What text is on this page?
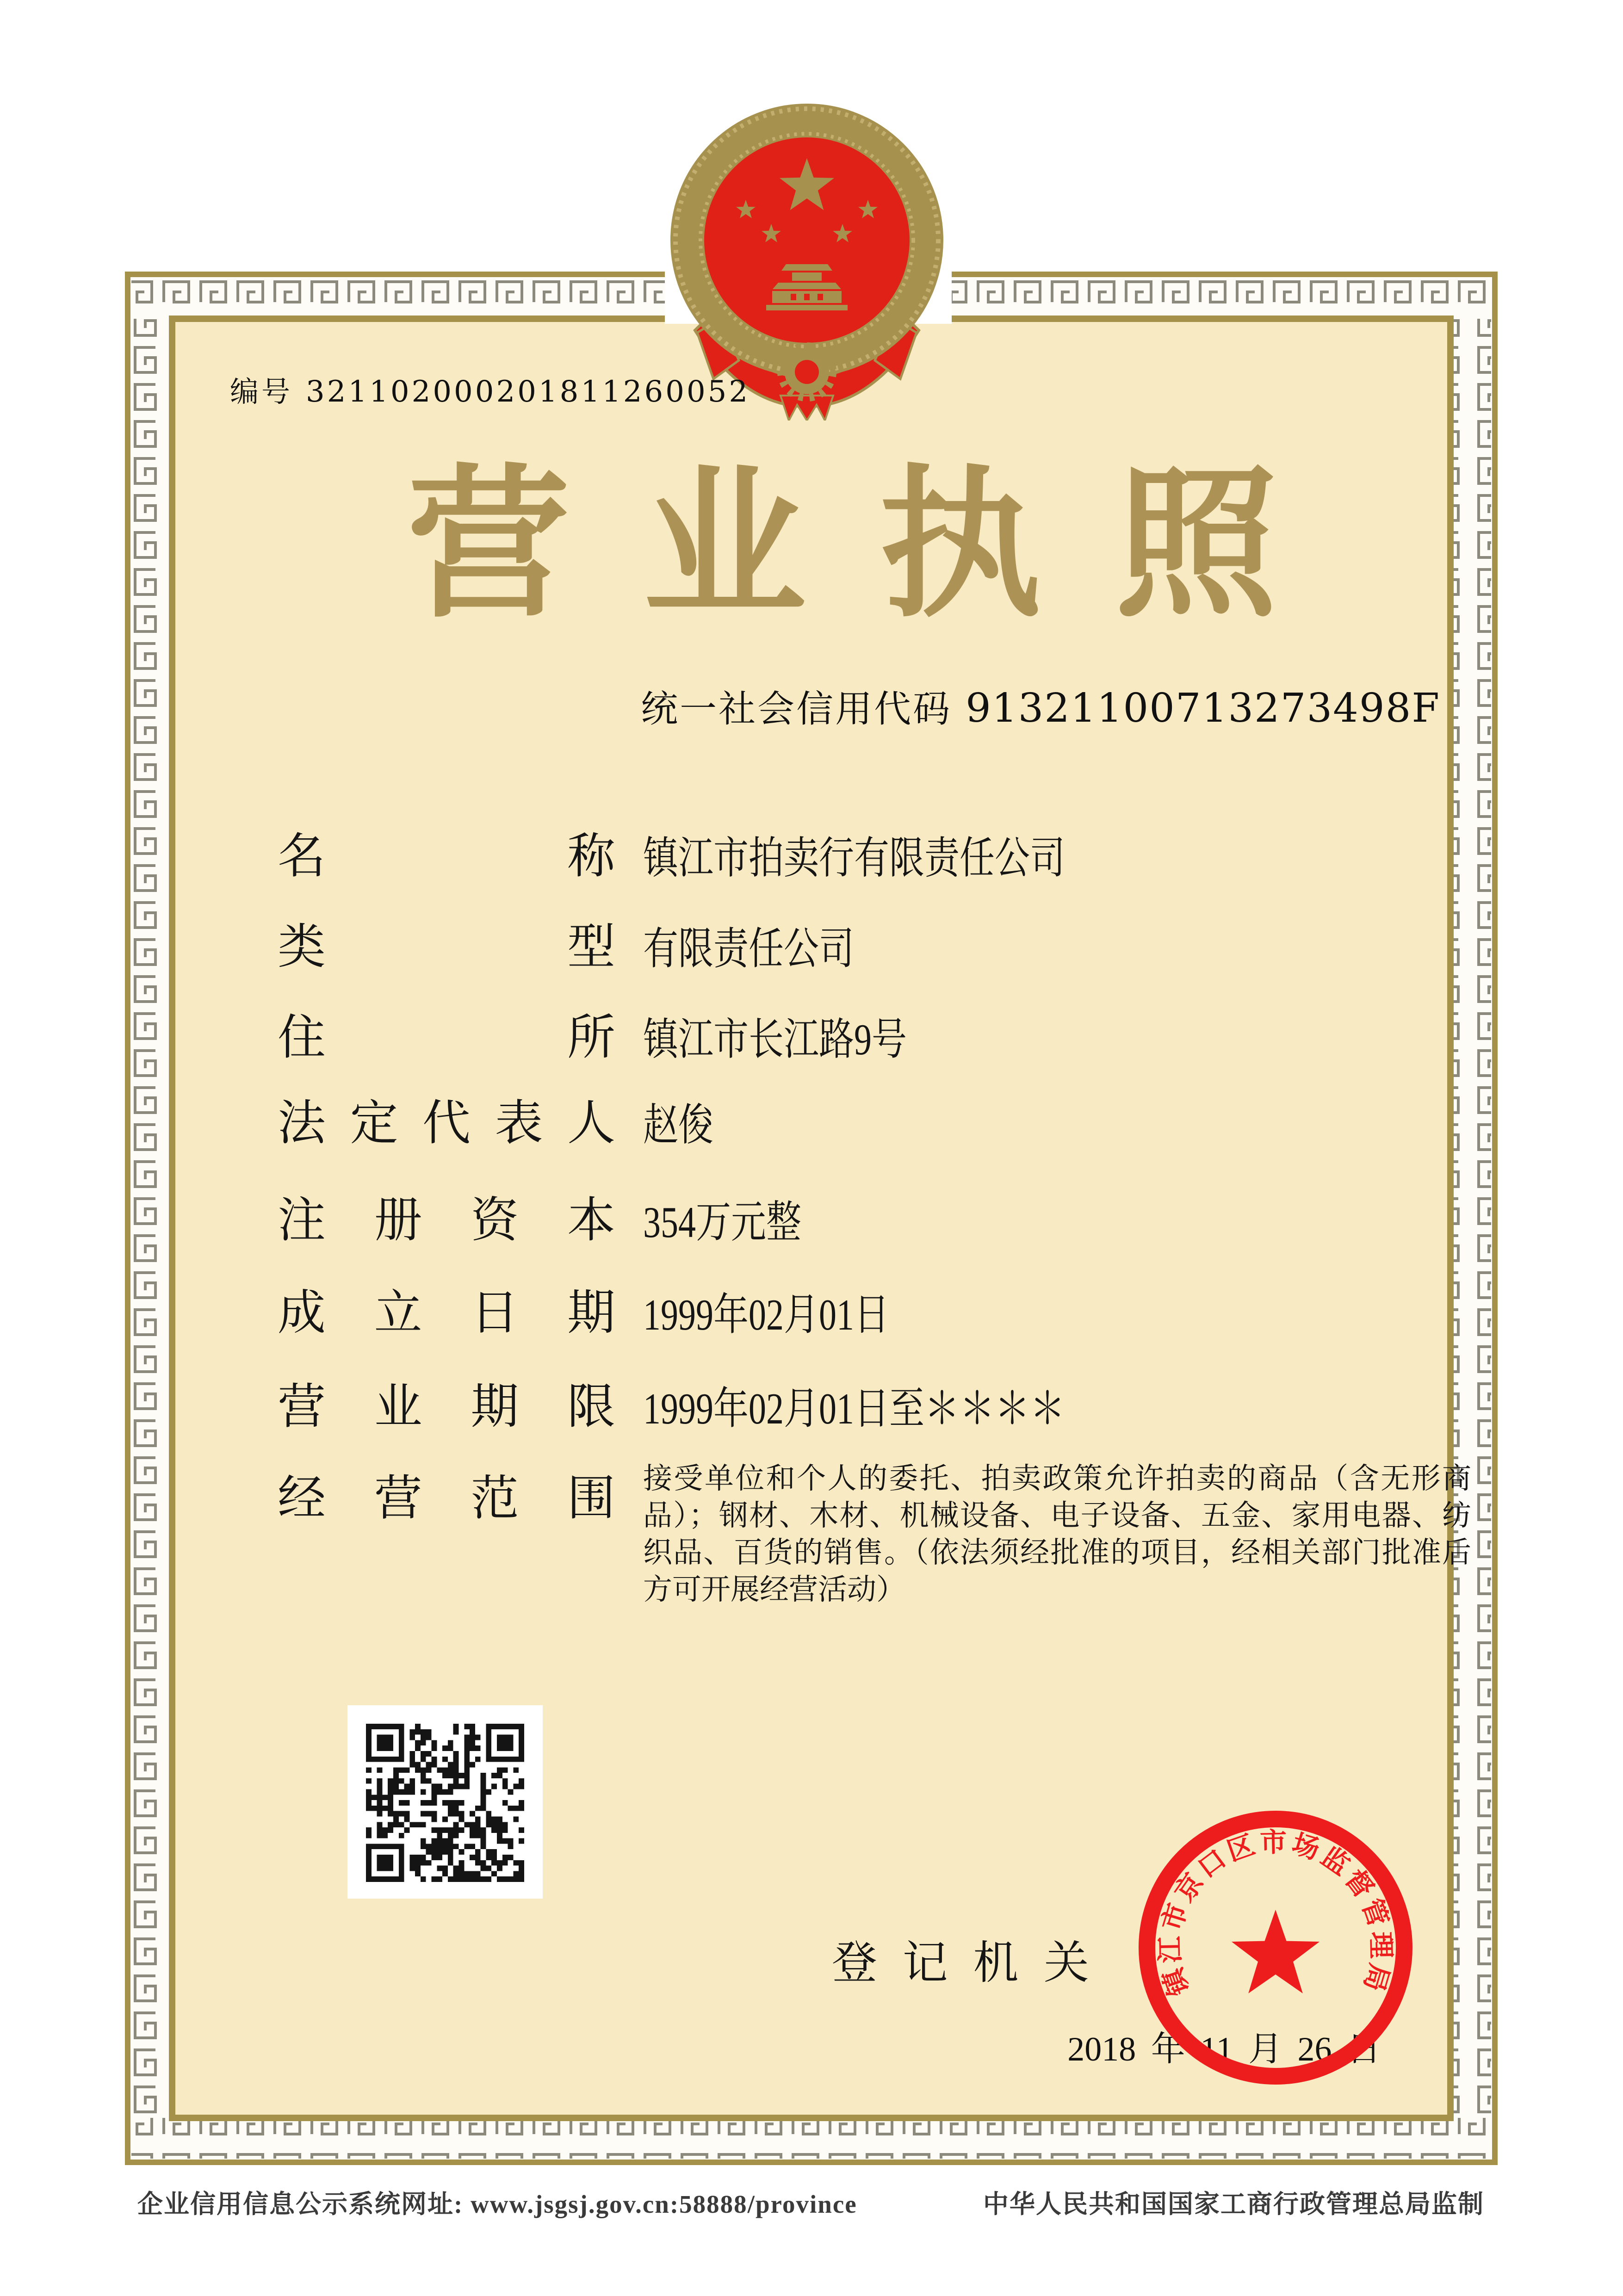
编号 321102000201811260052
营业执照
统一社会信用代码 91321100713273498F
名	称 镇江市拍卖行有限责任公司
类	型 有限责任公司
住	所 镇江市长江路9号
法 定 代 表 人 赵俊
注 册 资 本 354万元整
成 立 日 期 1999年02月01日
营 业 期 限 1999年02月01日至＊＊＊＊
经 营 范 围 接受单位和个人的委托、拍卖政策允许拍卖的商品（含无形商品）；钢材、木材、机械设备、电子设备、五金、家用电器、纺织品、百货的销售。（依法须经批准的项目，经相关部门批准后方可开展经营活动）
登 记 机 关
2018 年 11 月 26 日
镇江市京口区市场监督管理局
企业信用信息公示系统网址: www.jsgsj.gov.cn:58888/province	中华人民共和国国家工商行政管理总局监制
